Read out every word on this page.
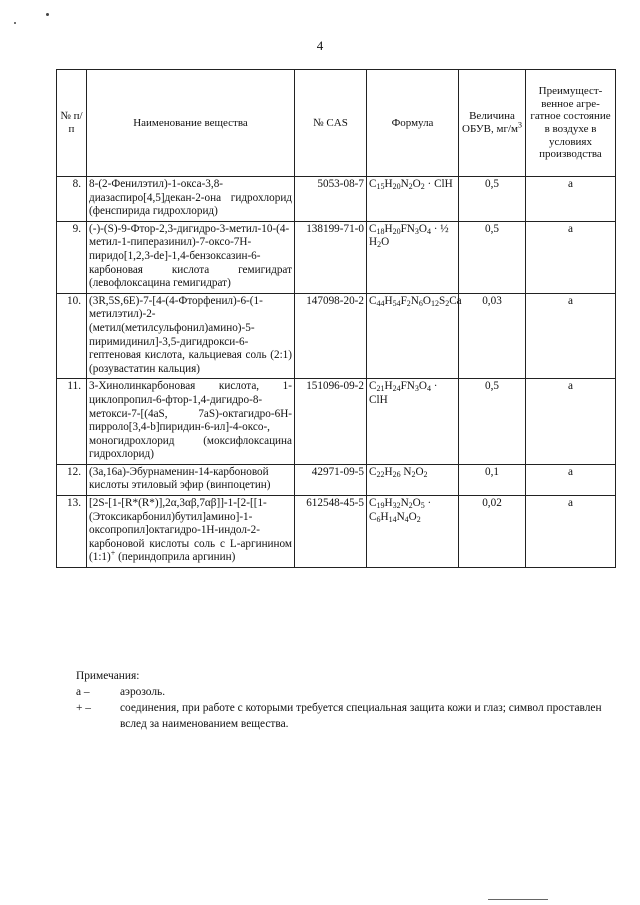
4
№ п/п	Наименование вещества	№ CAS	Формула	Величина ОБУВ, $мг/м^3$	Преимущест-венное агре-гатное состояние в воздухе в условиях производства
8.	8-(2-Фенилэтил)-1-окса-3,8-диазаспиро[4,5]декан-2-она гидрохлорид (фенспирида гидрохлорид)	5053-08-7	$C_{15}H_{20}N_2O_2$ · ClH	0,5	а
9.	(-)-(S)-9-Фтор-2,3-дигидро-3-метил-10-(4-метил-1-пиперазинил)-7-оксо-7H-пиридо[1,2,3-de]-1,4-бензоксазин-6-карбоновая кислота гемигидрат (левофлоксацина гемигидрат)	138199-71-0	$C_{18}H_{20}FN_3O_4$ · ½ $H_2O$	0,5	а
10.	(3R,5S,6E)-7-[4-(4-Фторфенил)-6-(1-метилэтил)-2-(метил(метилсульфонил)амино)-5-пиримидинил]-3,5-дигидрокси-6-гептеновая кислота, кальциевая соль (2:1) (розувастатин кальция)	147098-20-2	$C_{44}H_{54}F_2N_6O_{12}S_2Ca$	0,03	а
11.	3-Хинолинкарбоновая кислота, 1-циклопропил-6-фтор-1,4-дигидро-8-метокси-7-[(4aS, 7aS)-октагидро-6H-пирроло[3,4-b]пиридин-6-ил]-4-оксо-, моногидрохлорид (моксифлоксацина гидрохлорид)	151096-09-2	$C_{21}H_{24}FN_3O_4$ · ClH	0,5	а
12.	(3a,16a)-Эбурнаменин-14-карбоновой кислоты этиловый эфир (винпоцетин)	42971-09-5	$C_{22}H_{26}$ $N_2O_2$	0,1	а
13.	[2S-[1-[R*(R*)],2α,3αβ,7αβ]]-1-[2-[[1-(Этоксикарбонил)бутил]амино]-1-оксопропил]октагидро-1H-индол-2-карбоновой кислоты соль с L-аргинином (1:1)+ (периндоприла аргинин)	612548-45-5	$C_{19}H_{32}N_2O_5 \cdot C_6H_{14}N_4O_2$	0,02	а
Примечания:
а –	аэрозоль.
+ –	соединения, при работе с которыми требуется специальная защита кожи и глаз; символ проставлен вслед за наименованием вещества.
